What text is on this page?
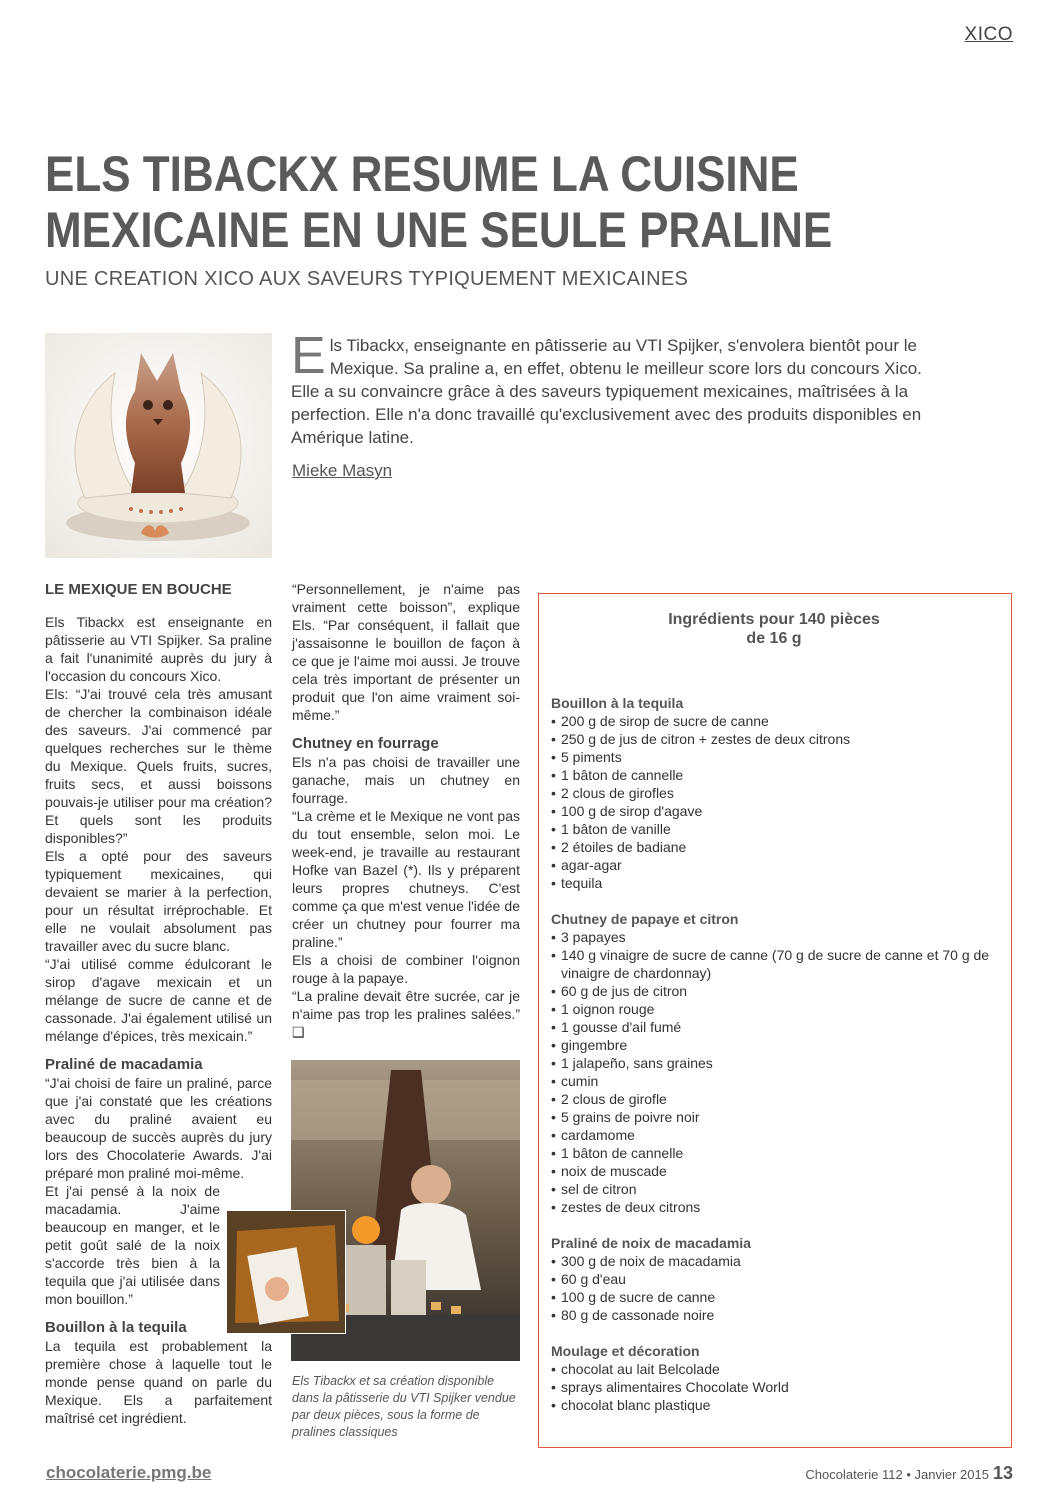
XICO
ELS TIBACKX RESUME LA CUISINE
MEXICAINE EN UNE SEULE PRALINE
UNE CREATION XICO AUX SAVEURS TYPIQUEMENT MEXICAINES
Els Tibackx, enseignante en pâtisserie au VTI Spijker, s'envolera bientôt pour le Mexique. Sa praline a, en effet, obtenu le meilleur score lors du concours Xico. Elle a su convaincre grâce à des saveurs typiquement mexicaines, maîtrisées à la perfection. Elle n'a donc travaillé qu'exclusivement avec des produits disponibles en Amérique latine.
Mieke Masyn
LE MEXIQUE EN BOUCHE

Els Tibackx est enseignante en pâtisserie au VTI Spijker. Sa praline a fait l'unanimité auprès du jury à l'occasion du concours Xico.

Els: “J'ai trouvé cela très amusant de chercher la combinaison idéale des saveurs. J'ai commencé par quelques recherches sur le thème du Mexique. Quels fruits, sucres, fruits secs, et aussi boissons pouvais-je utiliser pour ma création? Et quels sont les produits disponibles?”

Els a opté pour des saveurs typiquement mexicaines, qui devaient se marier à la perfection, pour un résultat irréprochable. Et elle ne voulait absolument pas travailler avec du sucre blanc.

“J'ai utilisé comme édulcorant le sirop d'agave mexicain et un mélange de sucre de canne et de cassonade. J'ai également utilisé un mélange d'épices, très mexicain.”

Praliné de macadamia

“J'ai choisi de faire un praliné, parce que j'ai constaté que les créations avec du praliné avaient eu beaucoup de succès auprès du jury lors des Chocolaterie Awards. J'ai préparé mon praliné moi-même.

Et j'ai pensé à la noix de macadamia. J'aime beaucoup en manger, et le petit goût salé de la noix s'accorde très bien à la tequila que j'ai utilisée dans mon bouillon.”

Bouillon à la tequila

La tequila est probablement la première chose à laquelle tout le monde pense quand on parle du Mexique. Els a parfaitement maîtrisé cet ingrédient.

“Personnellement, je n'aime pas vraiment cette boisson”, explique Els. “Par conséquent, il fallait que j'assaisonne le bouillon de façon à ce que je l'aime moi aussi. Je trouve cela très important de présenter un produit que l'on aime vraiment soi-même.”

Chutney en fourrage

Els n'a pas choisi de travailler une ganache, mais un chutney en fourrage.

“La crème et le Mexique ne vont pas du tout ensemble, selon moi. Le week-end, je travaille au restaurant Hofke van Bazel (*). Ils y préparent leurs propres chutneys. C'est comme ça que m'est venue l'idée de créer un chutney pour fourrer ma praline.”

Els a choisi de combiner l'oignon rouge à la papaye.

“La praline devait être sucrée, car je n'aime pas trop les pralines salées.” ❑

Els Tibackx et sa création disponible dans la pâtisserie du VTI Spijker vendue par deux pièces, sous la forme de pralines classiques
Ingrédients pour 140 pièces
de 16 g
Bouillon à la tequila
• 200 g de sirop de sucre de canne
• 250 g de jus de citron + zestes de deux citrons
• 5 piments
• 1 bâton de cannelle
• 2 clous de girofles
• 100 g de sirop d'agave
• 1 bâton de vanille
• 2 étoiles de badiane
• agar-agar
• tequila
Chutney de papaye et citron
• 3 papayes
• 140 g vinaigre de sucre de canne (70 g de sucre de canne et 70 g de vinaigre de chardonnay)
• 60 g de jus de citron
• 1 oignon rouge
• 1 gousse d'ail fumé
• gingembre
• 1 jalapeño, sans graines
• cumin
• 2 clous de girofle
• 5 grains de poivre noir
• cardamome
• 1 bâton de cannelle
• noix de muscade
• sel de citron
• zestes de deux citrons
Praliné de noix de macadamia
• 300 g de noix de macadamia
• 60 g d'eau
• 100 g de sucre de canne
• 80 g de cassonade noire
Moulage et décoration
• chocolat au lait Belcolade
• sprays alimentaires Chocolate World
• chocolat blanc plastique
chocolaterie.pmg.be	Chocolaterie 112 • Janvier 2015 13
